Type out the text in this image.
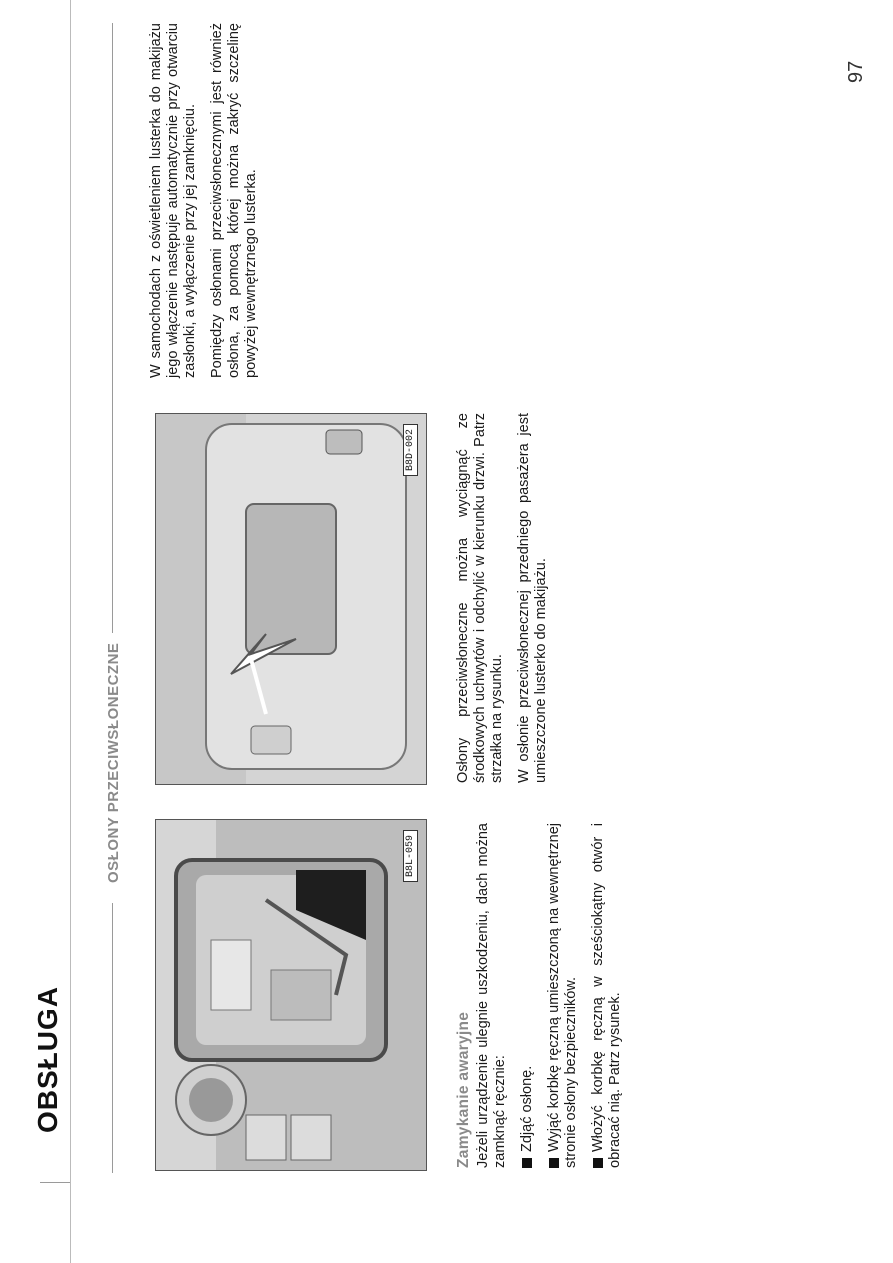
OBSŁUGA
97
OSŁONY PRZECIWSŁONECZNE	B8L-059
B8D-002
Zamykanie awaryjne Jeżeli urządzenie ulegnie uszkodzeniu, dach można zamknąć ręcznie: Zdjąć osłonę. Wyjąć korbkę ręczną umieszczoną na wewnętrznej stronie osłony bezpieczników. Włożyć korbkę ręczną w sześciokątny otwór i obracać nią. Patrz rysunek.

Osłony przeciwsłoneczne można wyciągnąć ze środkowych uchwytów i odchylić w kierunku drzwi. Patrz strzałka na rysunku. W osłonie przeciwsłonecznej przedniego pasażera jest umieszczone lusterko do makijażu.

W samochodach z oświetleniem lusterka do makijażu jego włączenie następuje automatycznie przy otwarciu zasłonki, a wyłączenie przy jej zamknięciu. Pomiędzy osłonami przeciwsłonecznymi jest również osłona, za pomocą której można zakryć szczelinę powyżej wewnętrznego lusterka.
